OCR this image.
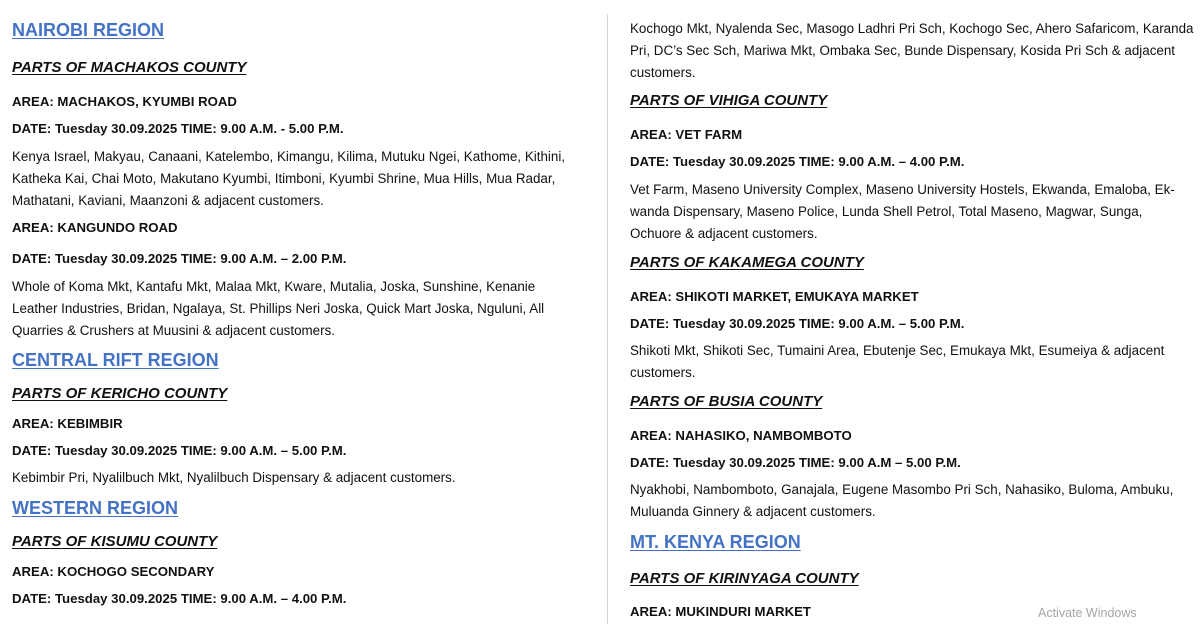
NAIROBI REGION
PARTS OF MACHAKOS COUNTY
AREA: MACHAKOS, KYUMBI ROAD
DATE: Tuesday 30.09.2025 TIME: 9.00 A.M. - 5.00 P.M.
Kenya Israel, Makyau, Canaani, Katelembo, Kimangu, Kilima, Mutuku Ngei, Kathome, Kithini, Katheka Kai, Chai Moto, Makutano Kyumbi, Itimboni, Kyumbi Shrine, Mua Hills, Mua Radar, Mathatani, Kaviani, Maanzoni & adjacent customers.
AREA: KANGUNDO ROAD
DATE: Tuesday 30.09.2025 TIME: 9.00 A.M. – 2.00 P.M.
Whole of Koma Mkt, Kantafu Mkt, Malaa Mkt, Kware, Mutalia, Joska, Sunshine, Kenanie Leather Industries, Bridan, Ngalaya, St. Phillips Neri Joska, Quick Mart Joska, Nguluni, All Quarries & Crushers at Muusini & adjacent customers.
CENTRAL RIFT REGION
PARTS OF KERICHO COUNTY
AREA: KEBIMBIR
DATE: Tuesday 30.09.2025 TIME: 9.00 A.M. – 5.00 P.M.
Kebimbir Pri, Nyalilbuch Mkt, Nyalilbuch Dispensary & adjacent customers.
WESTERN REGION
PARTS OF KISUMU COUNTY
AREA: KOCHOGO SECONDARY
DATE: Tuesday 30.09.2025 TIME: 9.00 A.M. – 4.00 P.M.
Kochogo Mkt, Nyalenda Sec, Masogo Ladhri Pri Sch, Kochogo Sec, Ahero Safaricom, Karanda Pri, DC’s Sec Sch, Mariwa Mkt, Ombaka Sec, Bunde Dispensary, Kosida Pri Sch & adjacent customers.
PARTS OF VIHIGA COUNTY
AREA: VET FARM
DATE: Tuesday 30.09.2025 TIME: 9.00 A.M. – 4.00 P.M.
Vet Farm, Maseno University Complex, Maseno University Hostels, Ekwanda, Emaloba, Ek-wanda Dispensary, Maseno Police, Lunda Shell Petrol, Total Maseno, Magwar, Sunga, Ochuore & adjacent customers.
PARTS OF KAKAMEGA COUNTY
AREA: SHIKOTI MARKET, EMUKAYA MARKET
DATE: Tuesday 30.09.2025 TIME: 9.00 A.M. – 5.00 P.M.
Shikoti Mkt, Shikoti Sec, Tumaini Area, Ebutenje Sec, Emukaya Mkt, Esumeiya & adjacent customers.
PARTS OF BUSIA COUNTY
AREA: NAHASIKO, NAMBOMBOTO
DATE: Tuesday 30.09.2025 TIME: 9.00 A.M – 5.00 P.M.
Nyakhobi, Nambomboto, Ganajala, Eugene Masombo Pri Sch, Nahasiko, Buloma, Ambuku, Muluanda Ginnery & adjacent customers.
MT. KENYA REGION
PARTS OF KIRINYAGA COUNTY
AREA: MUKINDURI MARKET	Activate Windows
